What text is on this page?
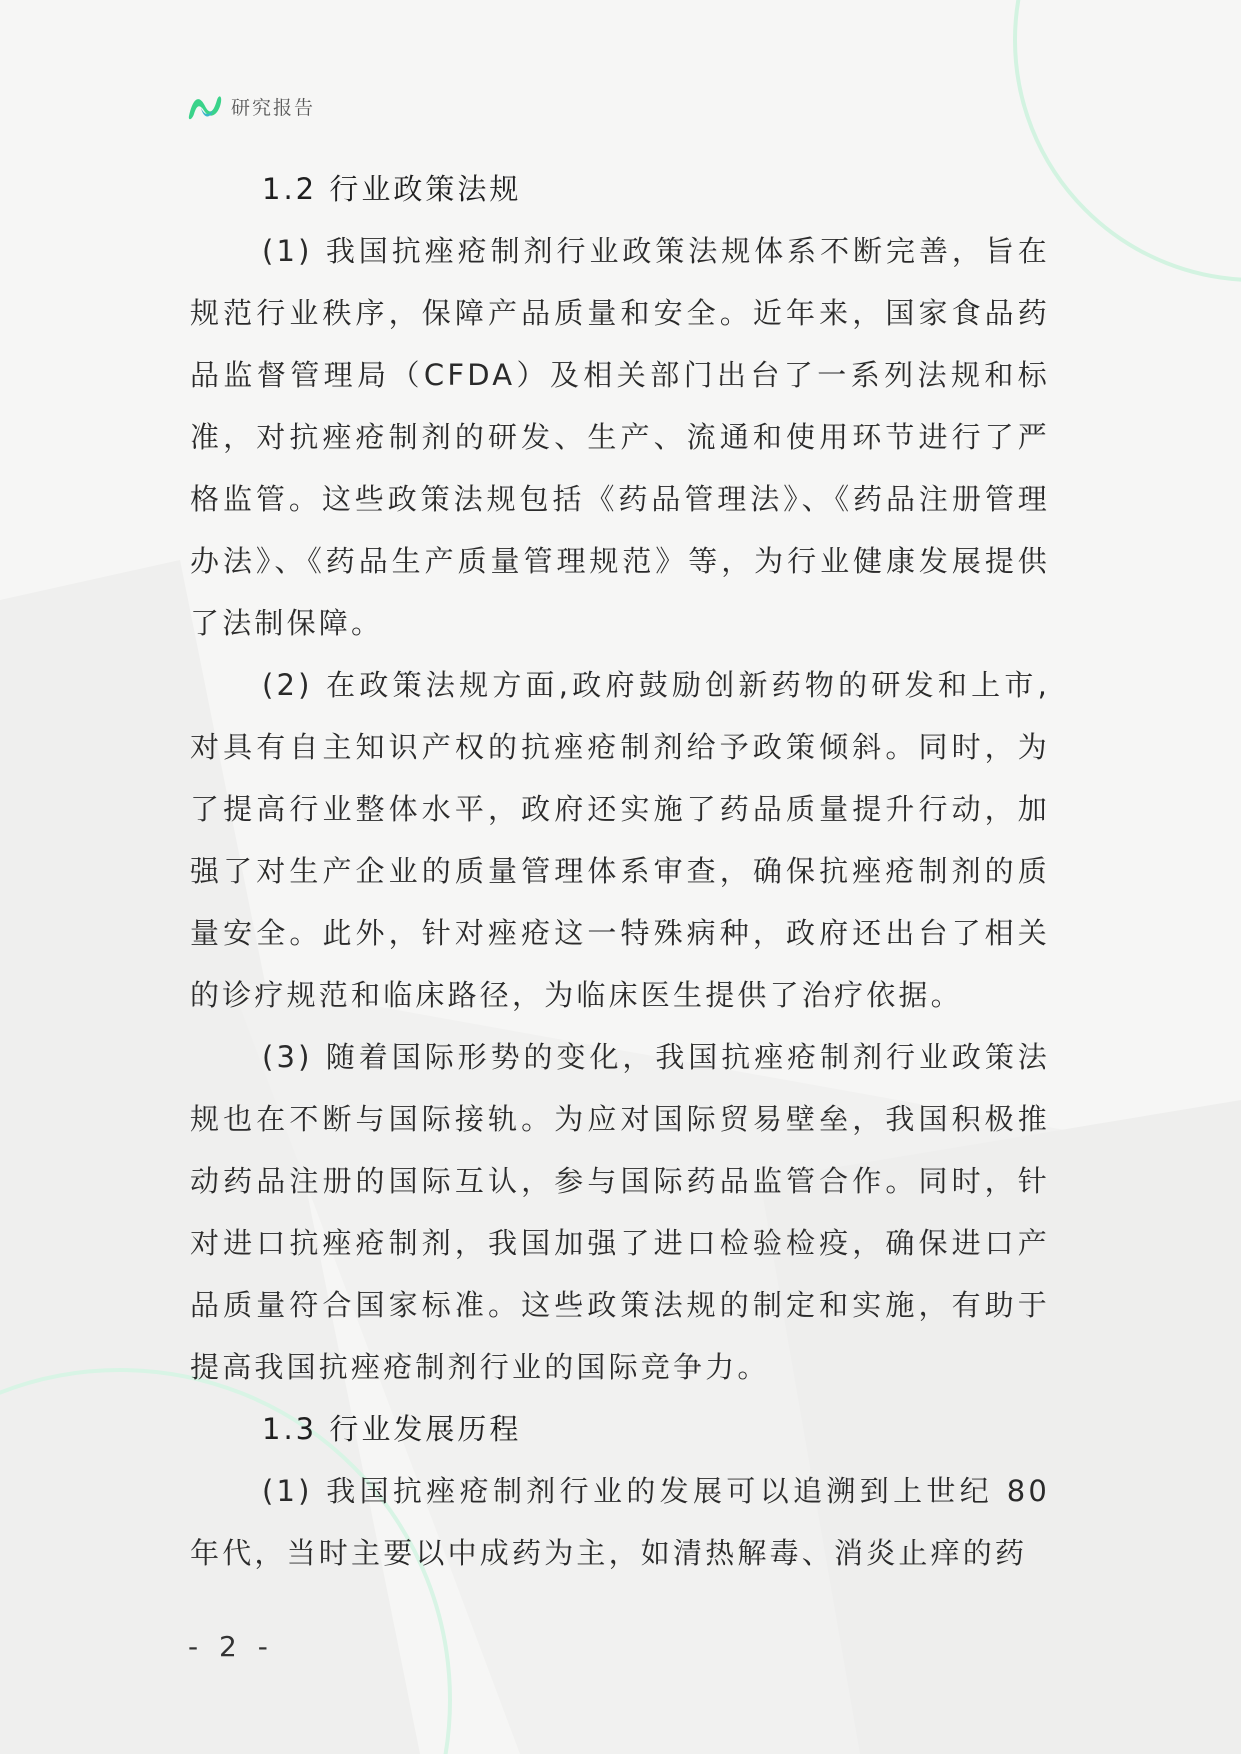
研究报告
1.2 行业政策法规

(1) 我国抗痤疮制剂行业政策法规体系不断完善，旨在规范行业秩序，保障产品质量和安全。近年来，国家食品药品监督管理局（CFDA）及相关部门出台了一系列法规和标准，对抗痤疮制剂的研发、生产、流通和使用环节进行了严格监管。这些政策法规包括《药品管理法》、《药品注册管理办法》、《药品生产质量管理规范》等，为行业健康发展提供了法制保障。

(2) 在政策法规方面,政府鼓励创新药物的研发和上市,对具有自主知识产权的抗痤疮制剂给予政策倾斜。同时，为了提高行业整体水平，政府还实施了药品质量提升行动，加强了对生产企业的质量管理体系审查，确保抗痤疮制剂的质量安全。此外，针对痤疮这一特殊病种，政府还出台了相关的诊疗规范和临床路径，为临床医生提供了治疗依据。

(3) 随着国际形势的变化，我国抗痤疮制剂行业政策法规也在不断与国际接轨。为应对国际贸易壁垒，我国积极推动药品注册的国际互认，参与国际药品监管合作。同时，针对进口抗痤疮制剂，我国加强了进口检验检疫，确保进口产品质量符合国家标准。这些政策法规的制定和实施，有助于提高我国抗痤疮制剂行业的国际竞争力。

1.3 行业发展历程

(1) 我国抗痤疮制剂行业的发展可以追溯到上世纪 80 年代，当时主要以中成药为主，如清热解毒、消炎止痒的药

- 2 -
